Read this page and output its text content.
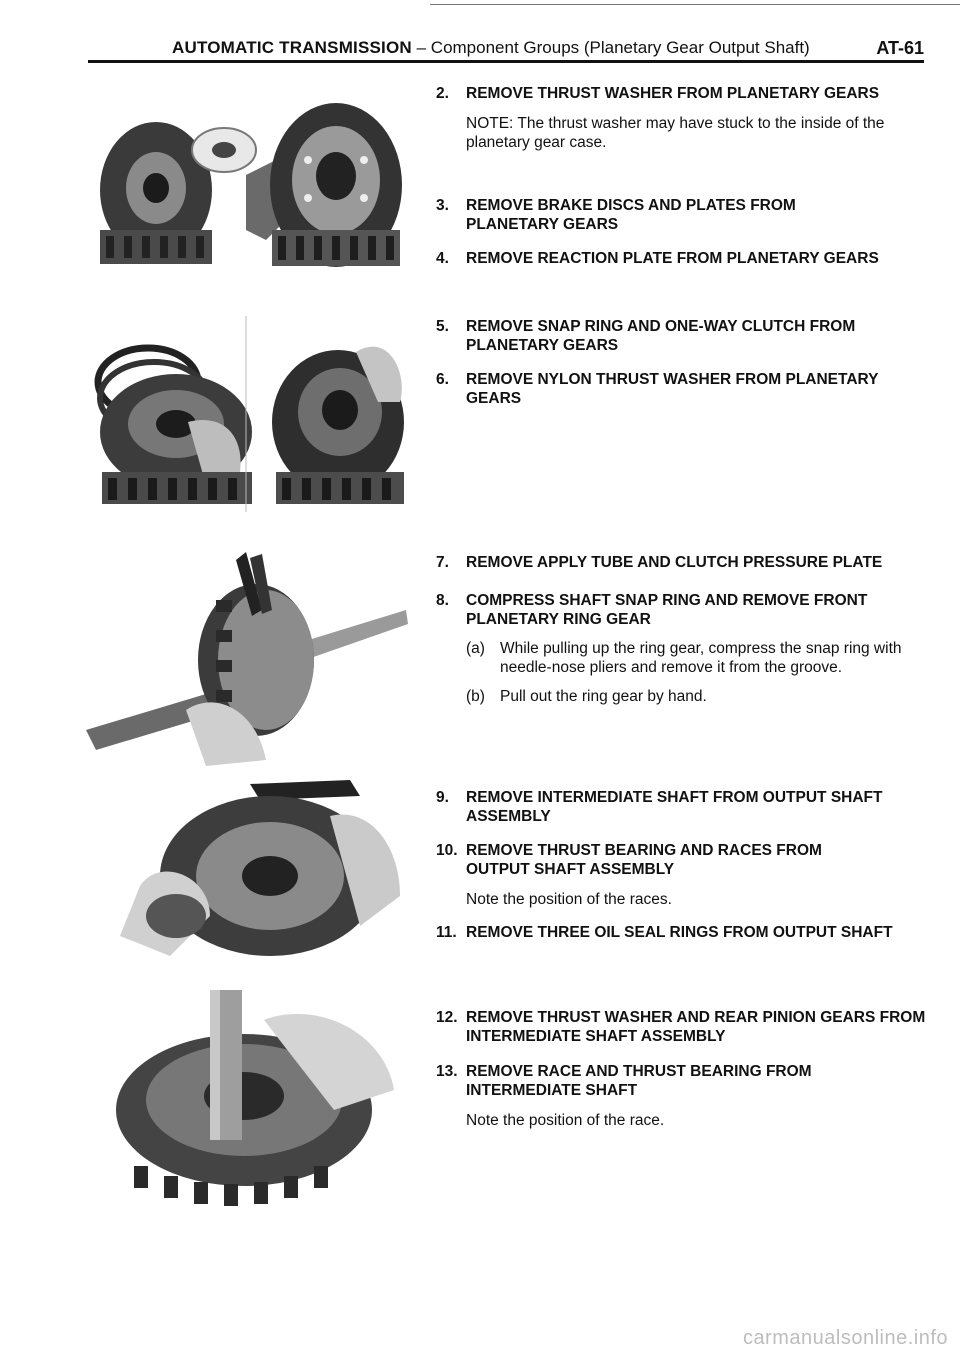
AUTOMATIC TRANSMISSION – Component Groups (Planetary Gear Output Shaft)	AT-61
2. REMOVE THRUST WASHER FROM PLANETARY GEARS
NOTE: The thrust washer may have stuck to the inside of the planetary gear case.
3. REMOVE BRAKE DISCS AND PLATES FROM PLANETARY GEARS
4. REMOVE REACTION PLATE FROM PLANETARY GEARS
5. REMOVE SNAP RING AND ONE-WAY CLUTCH FROM PLANETARY GEARS
6. REMOVE NYLON THRUST WASHER FROM PLANETARY GEARS
7. REMOVE APPLY TUBE AND CLUTCH PRESSURE PLATE
8. COMPRESS SHAFT SNAP RING AND REMOVE FRONT PLANETARY RING GEAR
(a) While pulling up the ring gear, compress the snap ring with needle-nose pliers and remove it from the groove.
(b) Pull out the ring gear by hand.
9. REMOVE INTERMEDIATE SHAFT FROM OUTPUT SHAFT ASSEMBLY
10. REMOVE THRUST BEARING AND RACES FROM OUTPUT SHAFT ASSEMBLY
Note the position of the races.
11. REMOVE THREE OIL SEAL RINGS FROM OUTPUT SHAFT
12. REMOVE THRUST WASHER AND REAR PINION GEARS FROM INTERMEDIATE SHAFT ASSEMBLY
13. REMOVE RACE AND THRUST BEARING FROM INTERMEDIATE SHAFT
Note the position of the race.
carmanualsonline.info
